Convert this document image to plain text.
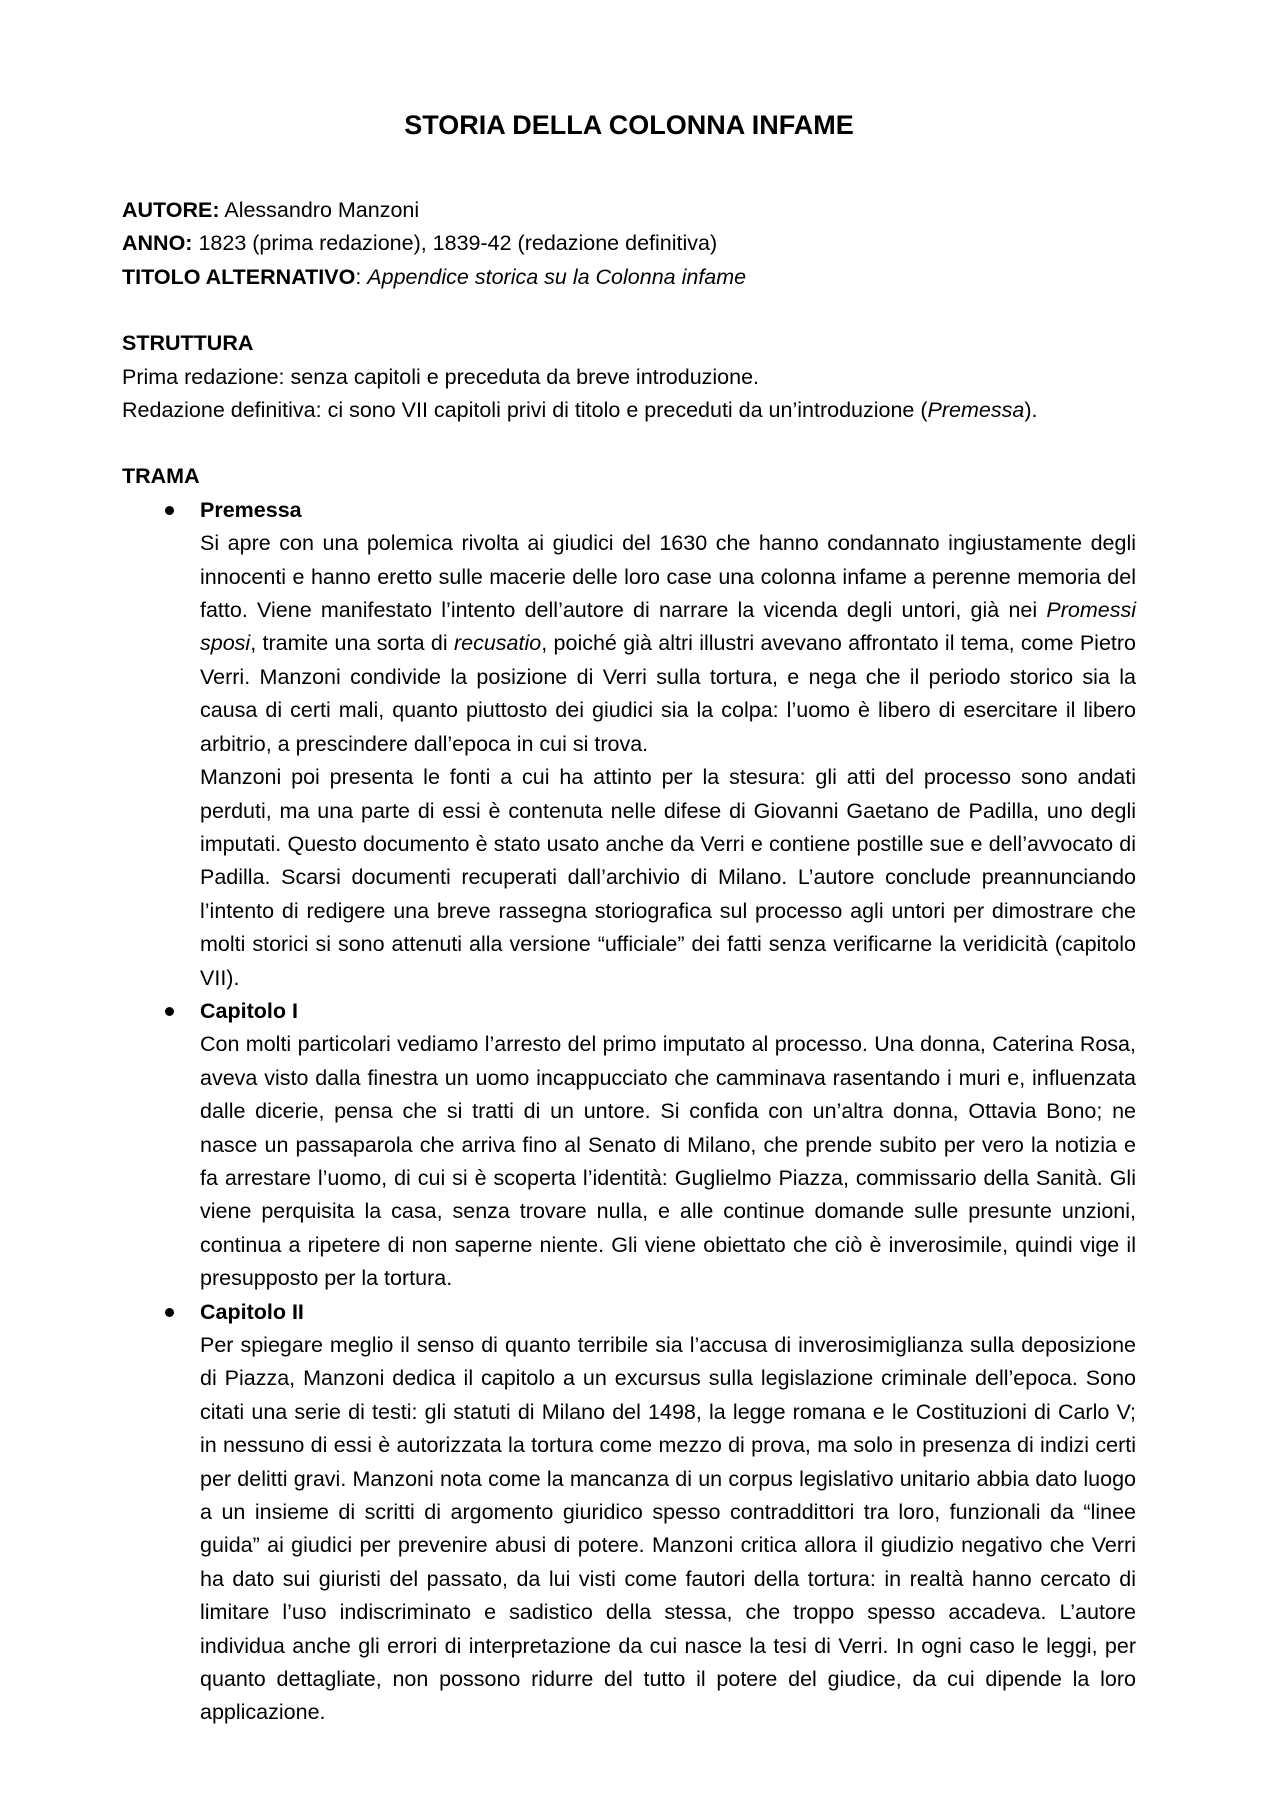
STORIA DELLA COLONNA INFAME

AUTORE: Alessandro Manzoni

ANNO: 1823 (prima redazione), 1839-42 (redazione definitiva)

TITOLO ALTERNATIVO: Appendice storica su la Colonna infame

STRUTTURA

Prima redazione: senza capitoli e preceduta da breve introduzione.

Redazione definitiva: ci sono VII capitoli privi di titolo e preceduti da un’introduzione (Premessa).

TRAMA

Premessa

Si apre con una polemica rivolta ai giudici del 1630 che hanno condannato ingiustamente degli innocenti e hanno eretto sulle macerie delle loro case una colonna infame a perenne memoria del fatto. Viene manifestato l’intento dell’autore di narrare la vicenda degli untori, già nei Promessi sposi, tramite una sorta di recusatio, poiché già altri illustri avevano affrontato il tema, come Pietro Verri. Manzoni condivide la posizione di Verri sulla tortura, e nega che il periodo storico sia la causa di certi mali, quanto piuttosto dei giudici sia la colpa: l’uomo è libero di esercitare il libero arbitrio, a prescindere dall’epoca in cui si trova.

Manzoni poi presenta le fonti a cui ha attinto per la stesura: gli atti del processo sono andati perduti, ma una parte di essi è contenuta nelle difese di Giovanni Gaetano de Padilla, uno degli imputati. Questo documento è stato usato anche da Verri e contiene postille sue e dell’avvocato di Padilla. Scarsi documenti recuperati dall’archivio di Milano. L’autore conclude preannunciando l’intento di redigere una breve rassegna storiografica sul processo agli untori per dimostrare che molti storici si sono attenuti alla versione “ufficiale” dei fatti senza verificarne la veridicità (capitolo VII).

Capitolo I

Con molti particolari vediamo l’arresto del primo imputato al processo. Una donna, Caterina Rosa, aveva visto dalla finestra un uomo incappucciato che camminava rasentando i muri e, influenzata dalle dicerie, pensa che si tratti di un untore. Si confida con un’altra donna, Ottavia Bono; ne nasce un passaparola che arriva fino al Senato di Milano, che prende subito per vero la notizia e fa arrestare l’uomo, di cui si è scoperta l’identità: Guglielmo Piazza, commissario della Sanità. Gli viene perquisita la casa, senza trovare nulla, e alle continue domande sulle presunte unzioni, continua a ripetere di non saperne niente. Gli viene obiettato che ciò è inverosimile, quindi vige il presupposto per la tortura.

Capitolo II

Per spiegare meglio il senso di quanto terribile sia l’accusa di inverosimiglianza sulla deposizione di Piazza, Manzoni dedica il capitolo a un excursus sulla legislazione criminale dell’epoca. Sono citati una serie di testi: gli statuti di Milano del 1498, la legge romana e le Costituzioni di Carlo V; in nessuno di essi è autorizzata la tortura come mezzo di prova, ma solo in presenza di indizi certi per delitti gravi. Manzoni nota come la mancanza di un corpus legislativo unitario abbia dato luogo a un insieme di scritti di argomento giuridico spesso contraddittori tra loro, funzionali da “linee guida” ai giudici per prevenire abusi di potere. Manzoni critica allora il giudizio negativo che Verri ha dato sui giuristi del passato, da lui visti come fautori della tortura: in realtà hanno cercato di limitare l’uso indiscriminato e sadistico della stessa, che troppo spesso accadeva. L’autore individua anche gli errori di interpretazione da cui nasce la tesi di Verri. In ogni caso le leggi, per quanto dettagliate, non possono ridurre del tutto il potere del giudice, da cui dipende la loro applicazione.
